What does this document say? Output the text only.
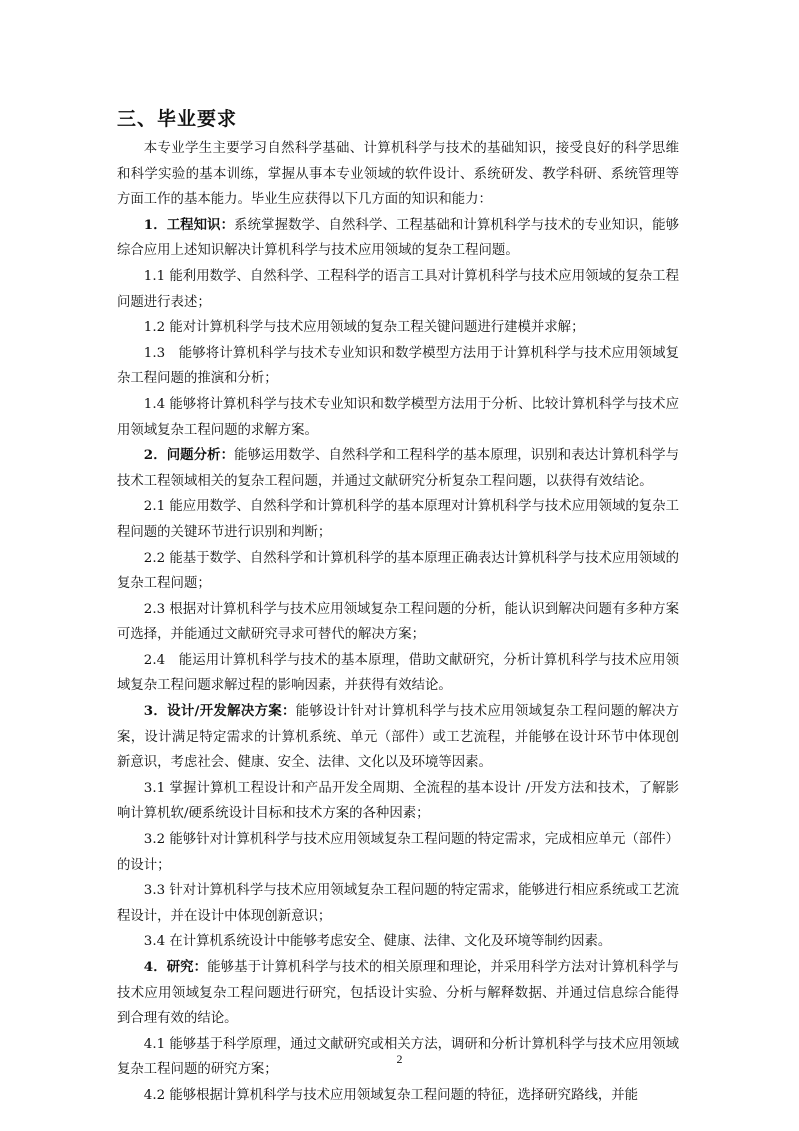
三、毕业要求

本专业学生主要学习自然科学基础、计算机科学与技术的基础知识，接受良好的科学思维和科学实验的基本训练，掌握从事本专业领域的软件设计、系统研发、教学科研、系统管理等方面工作的基本能力。毕业生应获得以下几方面的知识和能力：

1．工程知识：系统掌握数学、自然科学、工程基础和计算机科学与技术的专业知识，能够综合应用上述知识解决计算机科学与技术应用领域的复杂工程问题。

1.1 能利用数学、自然科学、工程科学的语言工具对计算机科学与技术应用领域的复杂工程问题进行表述；

1.2 能对计算机科学与技术应用领域的复杂工程关键问题进行建模并求解；

1.3　能够将计算机科学与技术专业知识和数学模型方法用于计算机科学与技术应用领域复杂工程问题的推演和分析；

1.4 能够将计算机科学与技术专业知识和数学模型方法用于分析、比较计算机科学与技术应用领域复杂工程问题的求解方案。

2．问题分析：能够运用数学、自然科学和工程科学的基本原理，识别和表达计算机科学与技术工程领域相关的复杂工程问题，并通过文献研究分析复杂工程问题，以获得有效结论。

2.1 能应用数学、自然科学和计算机科学的基本原理对计算机科学与技术应用领域的复杂工程问题的关键环节进行识别和判断；

2.2 能基于数学、自然科学和计算机科学的基本原理正确表达计算机科学与技术应用领域的复杂工程问题；

2.3 根据对计算机科学与技术应用领域复杂工程问题的分析，能认识到解决问题有多种方案可选择，并能通过文献研究寻求可替代的解决方案；

2.4　能运用计算机科学与技术的基本原理，借助文献研究，分析计算机科学与技术应用领域复杂工程问题求解过程的影响因素，并获得有效结论。

3．设计/开发解决方案：能够设计针对计算机科学与技术应用领域复杂工程问题的解决方案，设计满足特定需求的计算机系统、单元（部件）或工艺流程，并能够在设计环节中体现创新意识，考虑社会、健康、安全、法律、文化以及环境等因素。

3.1 掌握计算机工程设计和产品开发全周期、全流程的基本设计 /开发方法和技术，了解影响计算机软/硬系统设计目标和技术方案的各种因素；

3.2 能够针对计算机科学与技术应用领域复杂工程问题的特定需求，完成相应单元（部件）的设计；

3.3 针对计算机科学与技术应用领域复杂工程问题的特定需求，能够进行相应系统或工艺流程设计，并在设计中体现创新意识；

3.4 在计算机系统设计中能够考虑安全、健康、法律、文化及环境等制约因素。

4．研究：能够基于计算机科学与技术的相关原理和理论，并采用科学方法对计算机科学与技术应用领域复杂工程问题进行研究，包括设计实验、分析与解释数据、并通过信息综合能得到合理有效的结论。

4.1 能够基于科学原理，通过文献研究或相关方法，调研和分析计算机科学与技术应用领域复杂工程问题的研究方案；

4.2 能够根据计算机科学与技术应用领域复杂工程问题的特征，选择研究路线，并能

2
